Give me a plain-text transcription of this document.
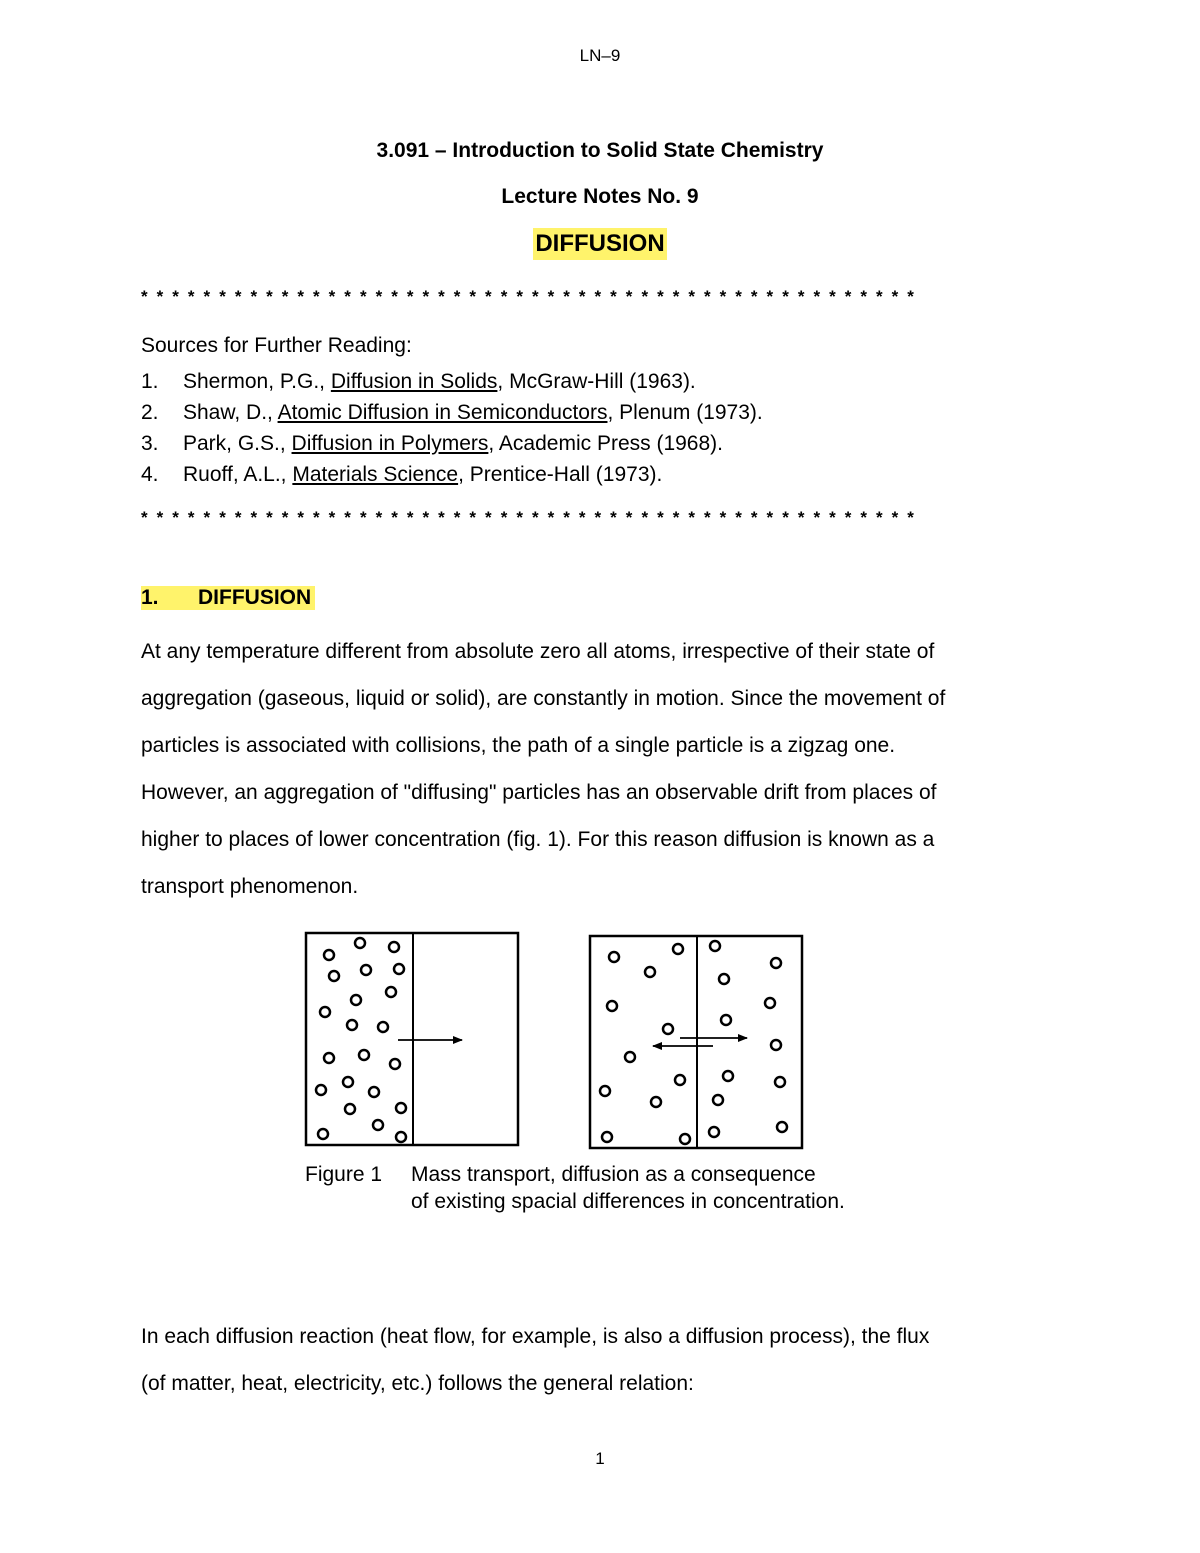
LN–9
3.091 – Introduction to Solid State Chemistry
Lecture Notes No. 9
DIFFUSION
* * * * * * * * * * * * * * * * * * * * * * * * * * * * * * * * * * * * * * * * * * * * * * * * * *
Sources for Further Reading:
1. Shermon, P.G., Diffusion in Solids, McGraw-Hill (1963).
2. Shaw, D., Atomic Diffusion in Semiconductors, Plenum (1973).
3. Park, G.S., Diffusion in Polymers, Academic Press (1968).
4. Ruoff, A.L., Materials Science, Prentice-Hall (1973).
* * * * * * * * * * * * * * * * * * * * * * * * * * * * * * * * * * * * * * * * * * * * * * * * * *
1. DIFFUSION

At any temperature different from absolute zero all atoms, irrespective of their state of

aggregation (gaseous, liquid or solid), are constantly in motion. Since the movement of

particles is associated with collisions, the path of a single particle is a zigzag one.

However, an aggregation of "diffusing" particles has an observable drift from places of

higher to places of lower concentration (fig. 1). For this reason diffusion is known as a

transport phenomenon.

Figure 1 Mass transport, diffusion as a consequence
of existing spacial differences in concentration.

In each diffusion reaction (heat flow, for example, is also a diffusion process), the flux

(of matter, heat, electricity, etc.) follows the general relation:

1
